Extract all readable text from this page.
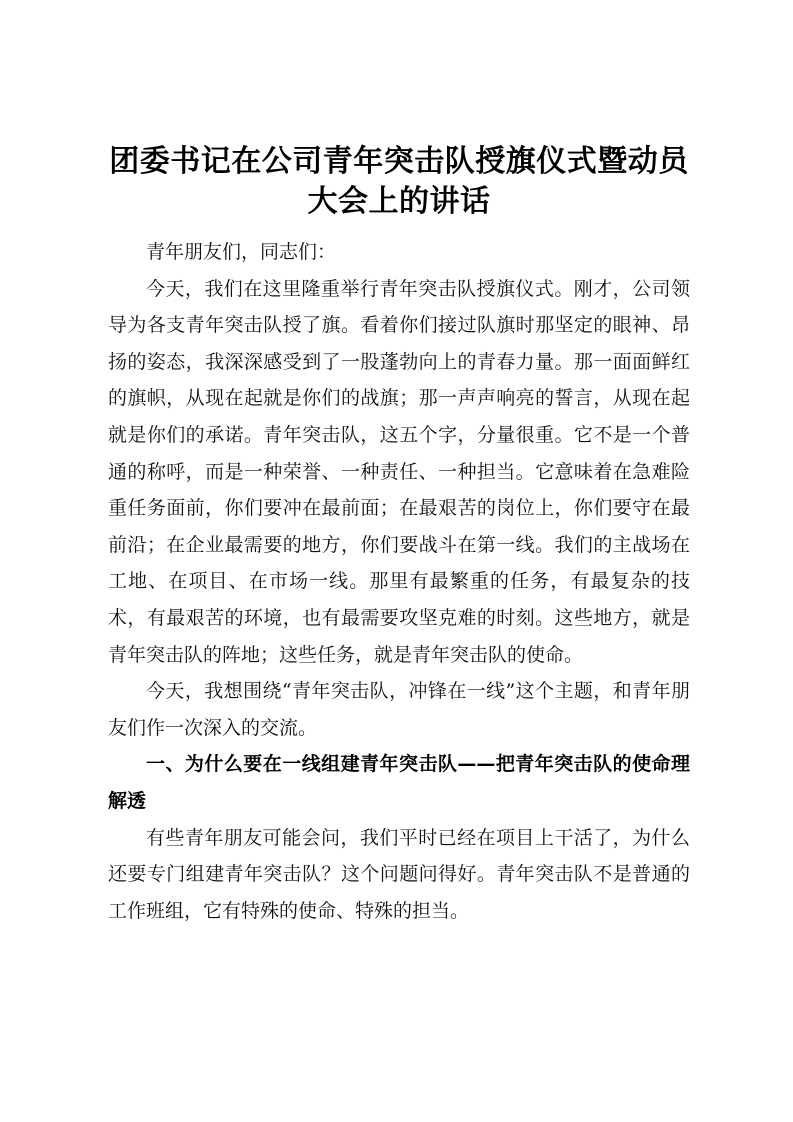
团委书记在公司青年突击队授旗仪式暨动员大会上的讲话

青年朋友们，同志们：

今天，我们在这里隆重举行青年突击队授旗仪式。刚才，公司领导为各支青年突击队授了旗。看着你们接过队旗时那坚定的眼神、昂扬的姿态，我深深感受到了一股蓬勃向上的青春力量。那一面面鲜红的旗帜，从现在起就是你们的战旗；那一声声响亮的誓言，从现在起就是你们的承诺。青年突击队，这五个字，分量很重。它不是一个普通的称呼，而是一种荣誉、一种责任、一种担当。它意味着在急难险重任务面前，你们要冲在最前面；在最艰苦的岗位上，你们要守在最前沿；在企业最需要的地方，你们要战斗在第一线。我们的主战场在工地、在项目、在市场一线。那里有最繁重的任务，有最复杂的技术，有最艰苦的环境，也有最需要攻坚克难的时刻。这些地方，就是青年突击队的阵地；这些任务，就是青年突击队的使命。

今天，我想围绕“青年突击队，冲锋在一线”这个主题，和青年朋友们作一次深入的交流。

一、为什么要在一线组建青年突击队——把青年突击队的使命理解透

有些青年朋友可能会问，我们平时已经在项目上干活了，为什么还要专门组建青年突击队？这个问题问得好。青年突击队不是普通的工作班组，它有特殊的使命、特殊的担当。
